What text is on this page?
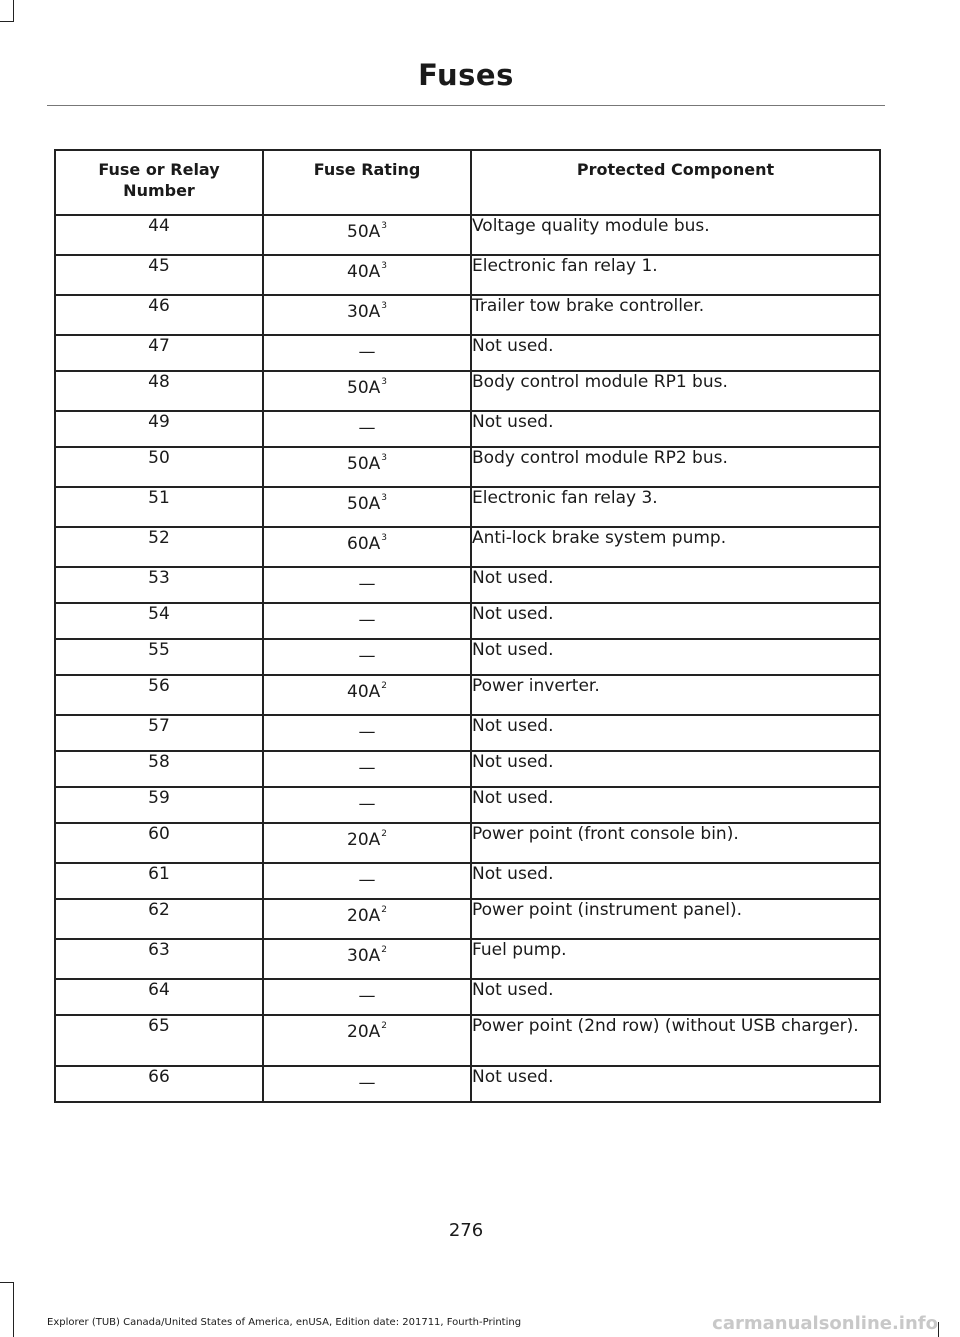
Fuses
Fuse or Relay Number	Fuse Rating	Protected Component
44	$50A^3$	Voltage quality module bus.
45	$40A^3$	Electronic fan relay 1.
46	$30A^3$	Trailer tow brake controller.
47	—	Not used.
48	$50A^3$	Body control module RP1 bus.
49	—	Not used.
50	$50A^3$	Body control module RP2 bus.
51	$50A^3$	Electronic fan relay 3.
52	$60A^3$	Anti-lock brake system pump.
53	—	Not used.
54	—	Not used.
55	—	Not used.
56	$40A^2$	Power inverter.
57	—	Not used.
58	—	Not used.
59	—	Not used.
60	$20A^2$	Power point (front console bin).
61	—	Not used.
62	$20A^2$	Power point (instrument panel).
63	$30A^2$	Fuel pump.
64	—	Not used.
65	$20A^2$	Power point (2nd row) (without USB charger).
66	—	Not used.
276
Explorer (TUB) Canada/United States of America, enUSA, Edition date: 201711, Fourth-Printing	carmanualsonline.info
